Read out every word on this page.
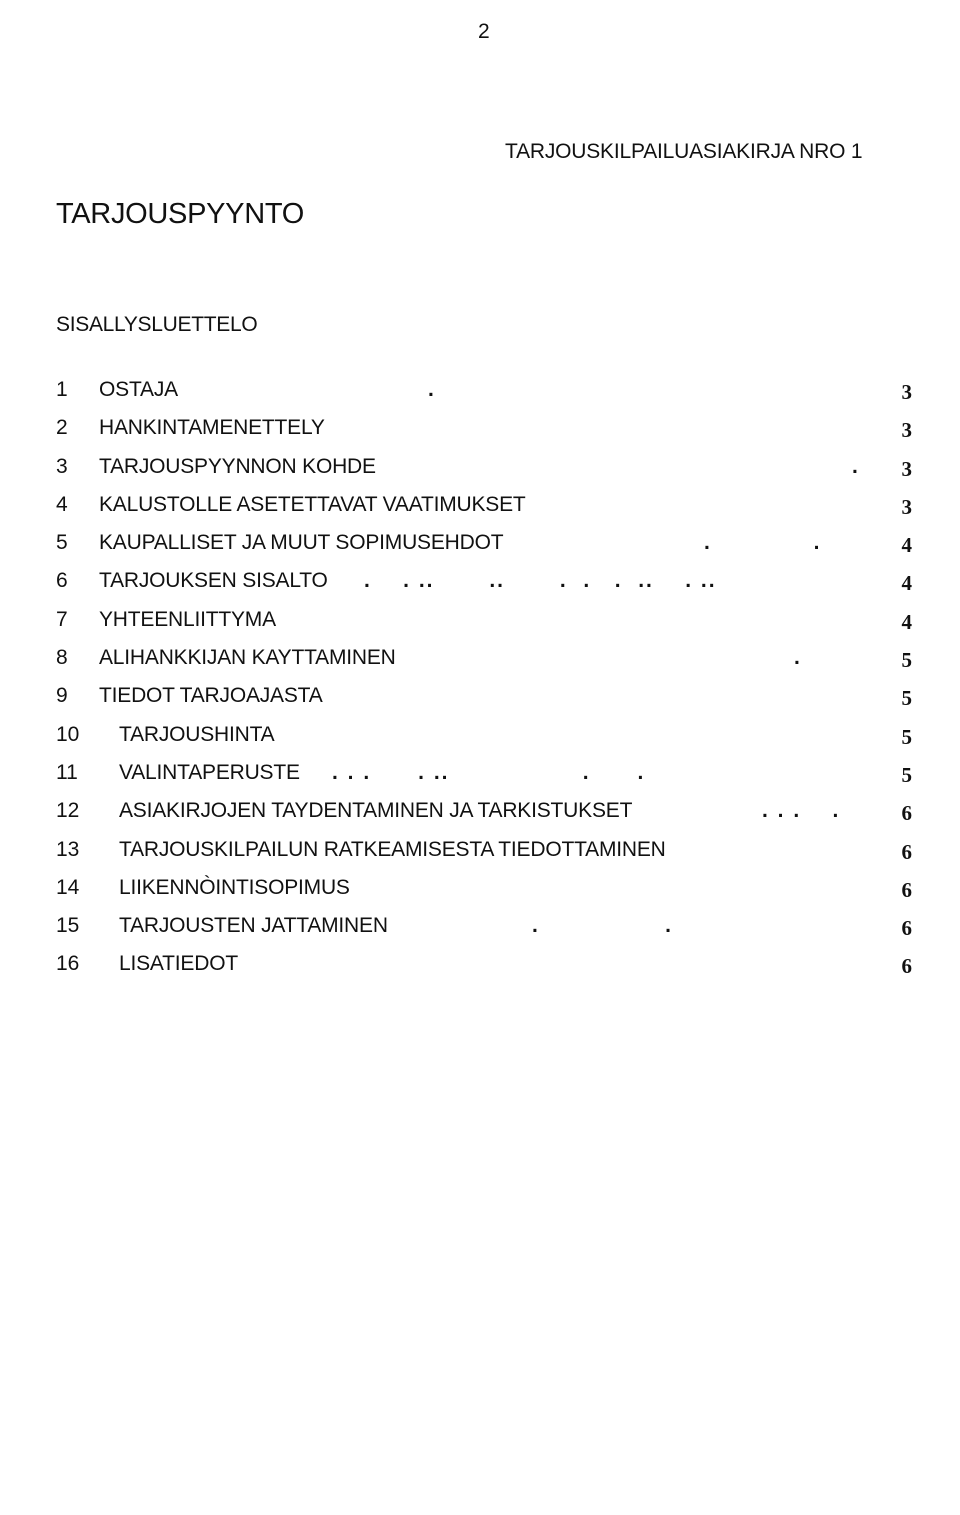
2
TARJOUSKILPAILUASIAKIRJA NRO 1
TARJOUSPYYNTO
SISALLYSLUETTELO
1 OSTAJA	.	3
2 HANKINTAMENETTELY	3
3 TARJOUSPYYNNON KOHDE	. 3
4 KALUSTOLLE ASETETTAVAT VAATIMUKSET	3
5 KAUPALLISET JA MUUT SOPIMUSEHDOT	.             .	4
6 TARJOUKSEN SISALTO .    . ..       ..       .  .   .  ..    . ..	4
7 YHTEENLIITTYMA	4
8 ALIHANKKIJAN KAYTTAMINEN	.	5
9 TIEDOT TARJOAJASTA	5
10 TARJOUSHINTA	5
11 VALINTAPERUSTE . . .      . ..                 .      .	5
12 ASIAKIRJOJEN TAYDENTAMINEN JA TARKISTUKSET	. . .    .	6
13 TARJOUSKILPAILUN RATKEAMISESTA TIEDOTTAMINEN	6
14 LIIKENNÒINTISOPIMUS	6
15 TARJOUSTEN JATTAMINEN	.                .	6
16 LISATIEDOT	6
